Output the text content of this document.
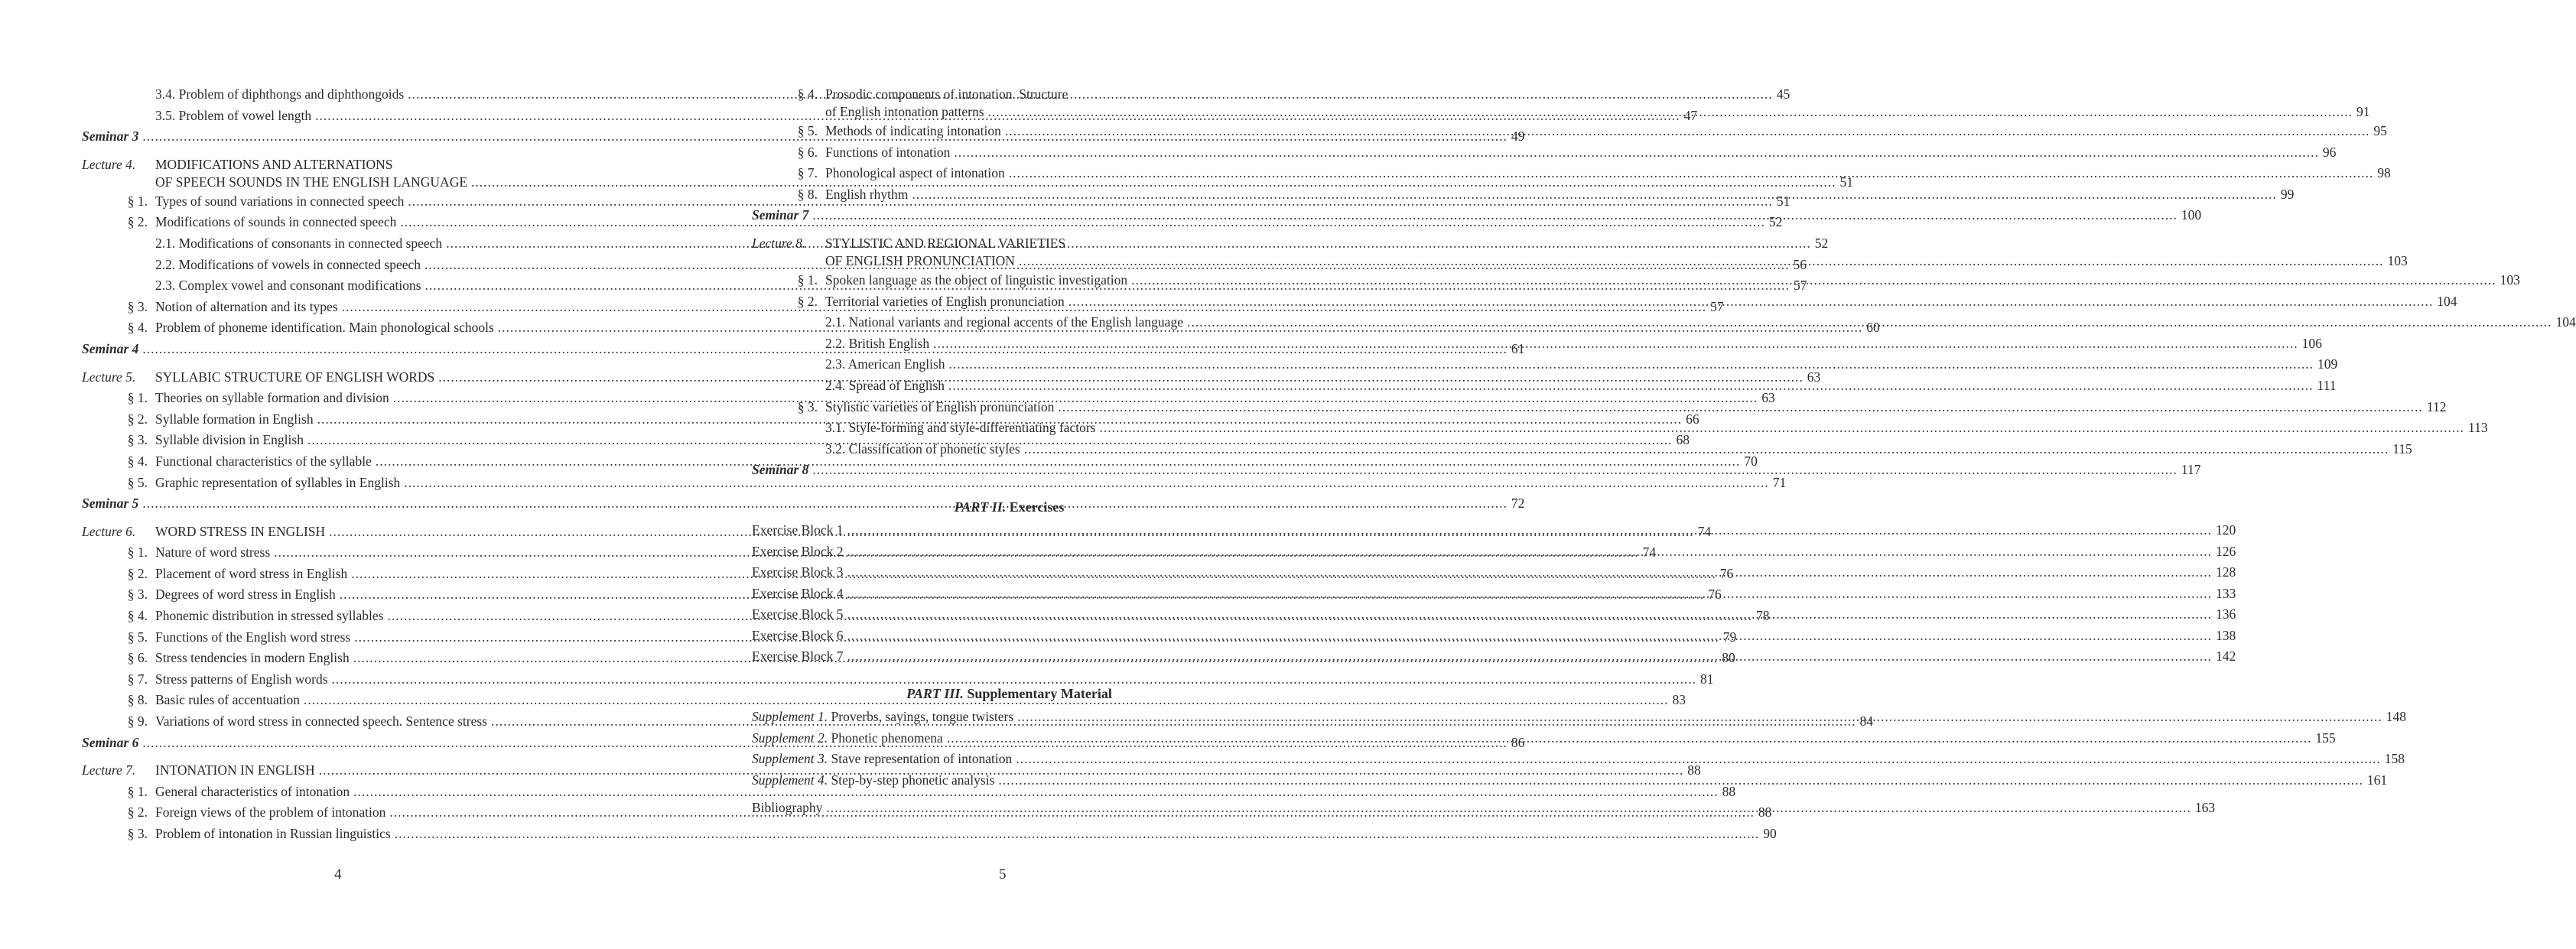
3.4. Problem of diphthongs and diphthongoids .....	45
3.5. Problem of vowel length .....	47
Seminar 3 .....	49
Lecture 4.	MODIFICATIONS AND ALTERNATIONS
OF SPEECH SOUNDS IN THE ENGLISH LANGUAGE .....	51
§ 1. Types of sound variations in connected speech .....	51
§ 2. Modifications of sounds in connected speech .....	52
2.1. Modifications of consonants in connected speech .....	52
2.2. Modifications of vowels in connected speech .....	56
2.3. Complex vowel and consonant modifications .....	57
§ 3. Notion of alternation and its types .....	57
§ 4. Problem of phoneme identification. Main phonological schools .....	60
Seminar 4 .....	61
Lecture 5. SYLLABIC STRUCTURE OF ENGLISH WORDS .....	63
§ 1. Theories on syllable formation and division .....	63
§ 2. Syllable formation in English .....	66
§ 3. Syllable division in English .....	68
§ 4. Functional characteristics of the syllable .....	70
§ 5. Graphic representation of syllables in English .....	71
Seminar 5 .....	72
Lecture 6. WORD STRESS IN ENGLISH .....	74
§ 1. Nature of word stress .....	74
§ 2. Placement of word stress in English .....	76
§ 3. Degrees of word stress in English .....	76
§ 4. Phonemic distribution in stressed syllables .....	78
§ 5. Functions of the English word stress .....	79
§ 6. Stress tendencies in modern English .....	80
§ 7. Stress patterns of English words .....	81
§ 8. Basic rules of accentuation .....	83
§ 9. Variations of word stress in connected speech. Sentence stress .....	84
Seminar 6 .....	86
Lecture 7. INTONATION IN ENGLISH .....	88
§ 1. General characteristics of intonation .....	88
§ 2. Foreign views of the problem of intonation .....	88
§ 3. Problem of intonation in Russian linguistics .....	90
4
§ 4. Prosodic components of intonation. Structure
of English intonation patterns .....	91
§ 5. Methods of indicating intonation .....	95
§ 6. Functions of intonation .....	96
§ 7. Phonological aspect of intonation .....	98
§ 8. English rhythm .....	99
Seminar 7 .....	100
Lecture 8.	STYLISTIC AND REGIONAL VARIETIES
OF ENGLISH PRONUNCIATION .....	103
§ 1. Spoken language as the object of linguistic investigation .....	103
§ 2. Territorial varieties of English pronunciation .....	104
2.1. National variants and regional accents of the English language .....	104
2.2. British English .....	106
2.3. American English .....	109
2.4. Spread of English .....	111
§ 3. Stylistic varieties of English pronunciation .....	112
3.1. Style-forming and style-differentiating factors .....	113
3.2. Classification of phonetic styles .....	115
Seminar 8 .....	117
PART II. Exercises
Exercise Block 1 .....	120
Exercise Block 2 .....	126
Exercise Block 3 .....	128
Exercise Block 4 .....	133
Exercise Block 5 .....	136
Exercise Block 6 .....	138
Exercise Block 7 .....	142
PART III. Supplementary Material
Supplement 1. Proverbs, sayings, tongue twisters .....	148
Supplement 2. Phonetic phenomena .....	155
Supplement 3. Stave representation of intonation .....	158
Supplement 4. Step-by-step phonetic analysis .....	161
Bibliography .....	163
5
